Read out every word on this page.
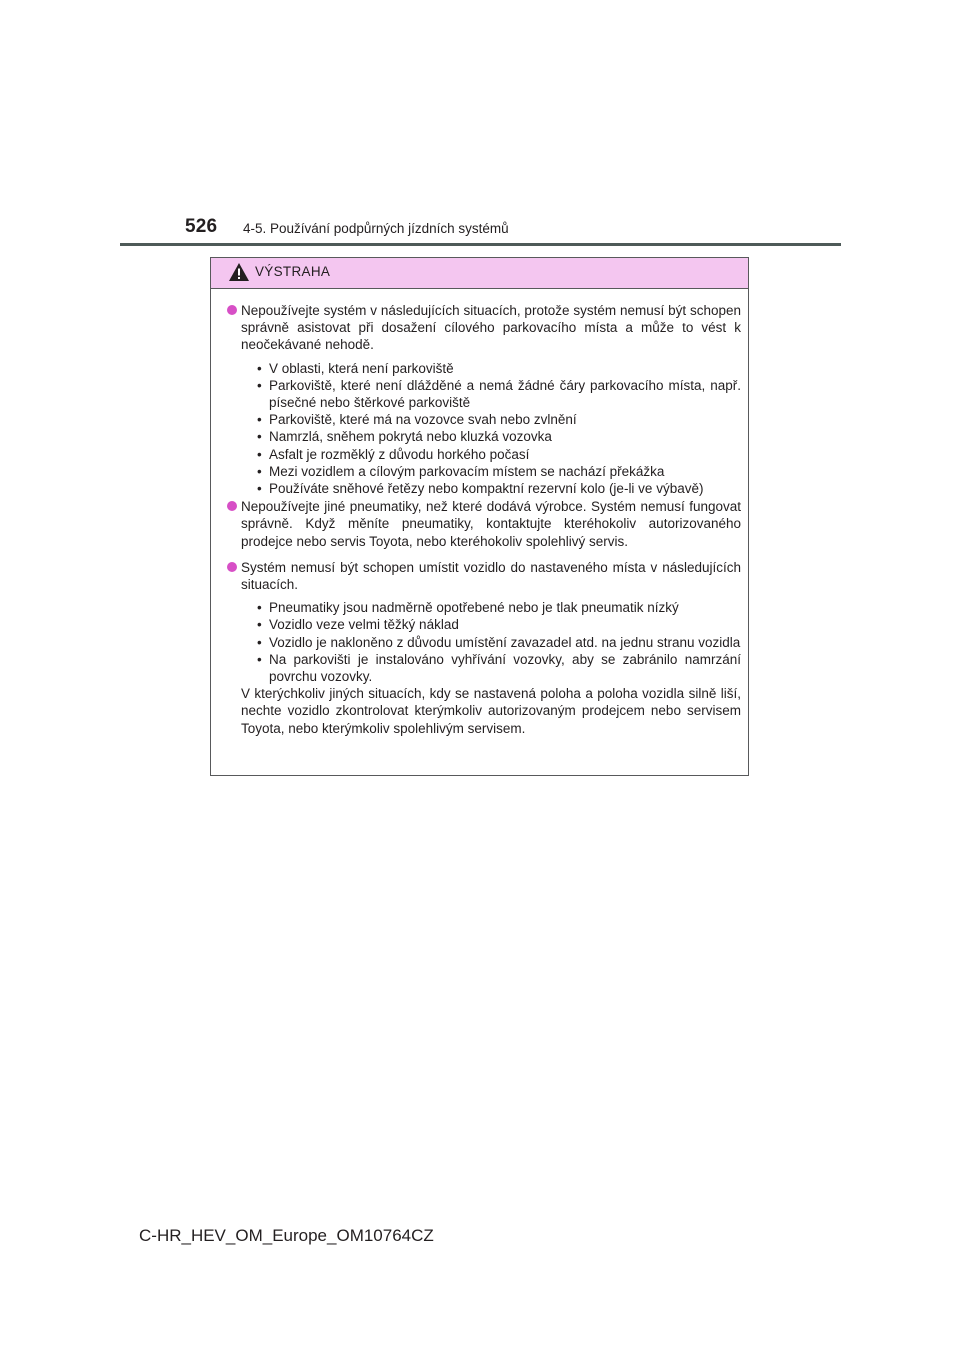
526 4-5. Používání podpůrných jízdních systémů
VÝSTRAHA
Nepoužívejte systém v následujících situacích, protože systém nemusí být schopen správně asistovat při dosažení cílového parkovacího místa a může to vést k neočekávané nehodě.
• V oblasti, která není parkoviště
• Parkoviště, které není dlážděné a nemá žádné čáry parkovacího místa, např. písečné nebo štěrkové parkoviště
• Parkoviště, které má na vozovce svah nebo zvlnění
• Namrzlá, sněhem pokrytá nebo kluzká vozovka
• Asfalt je rozměklý z důvodu horkého počasí
• Mezi vozidlem a cílovým parkovacím místem se nachází překážka
• Používáte sněhové řetězy nebo kompaktní rezervní kolo (je-li ve výbavě)
Nepoužívejte jiné pneumatiky, než které dodává výrobce. Systém nemusí fungovat správně. Když měníte pneumatiky, kontaktujte kteréhokoliv autorizovaného prodejce nebo servis Toyota, nebo kteréhokoliv spolehlivý servis.
Systém nemusí být schopen umístit vozidlo do nastaveného místa v následujících situacích.
• Pneumatiky jsou nadměrně opotřebené nebo je tlak pneumatik nízký
• Vozidlo veze velmi těžký náklad
• Vozidlo je nakloněno z důvodu umístění zavazadel atd. na jednu stranu vozidla
• Na parkovišti je instalováno vyhřívání vozovky, aby se zabránilo namrzání povrchu vozovky.
V kterýchkoliv jiných situacích, kdy se nastavená poloha a poloha vozidla silně liší, nechte vozidlo zkontrolovat kterýmkoliv autorizovaným prodejcem nebo servisem Toyota, nebo kterýmkoliv spolehlivým servisem.
C-HR_HEV_OM_Europe_OM10764CZ
